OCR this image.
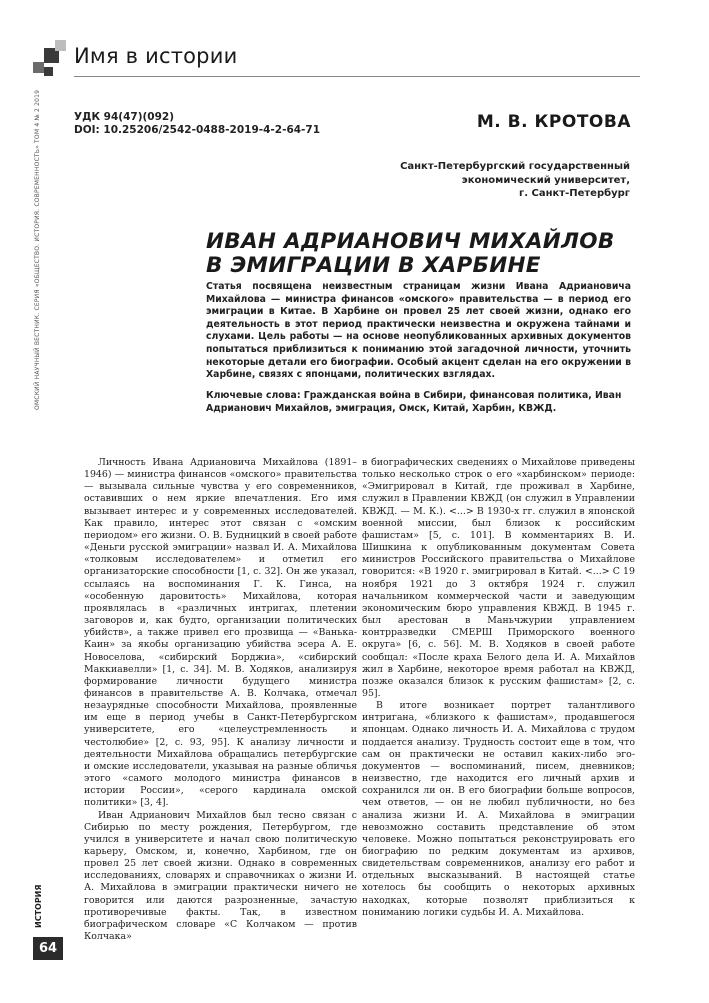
Имя в истории
ОМСКИЙ НАУЧНЫЙ ВЕСТНИК. СЕРИЯ «ОБЩЕСТВО. ИСТОРИЯ. СОВРЕМЕННОСТЬ» ТОМ 4 № 2 2019
ИСТОРИЯ
64
УДК 94(47)(092)
DOI: 10.25206/2542-0488-2019-4-2-64-71	М. В. КРОТОВА
Санкт-Петербургский государственный
экономический университет,
г. Санкт-Петербург
ИВАН АДРИАНОВИЧ МИХАЙЛОВ
В ЭМИГРАЦИИ В ХАРБИНЕ
Статья посвящена неизвестным страницам жизни Ивана Адриановича Михайлова — министра финансов «омского» правительства — в период его эмиграции в Китае. В Харбине он провел 25 лет своей жизни, однако его деятельность в этот период практически неизвестна и окружена тайнами и слухами. Цель работы — на основе неопубликованных архивных документов попытаться приблизиться к пониманию этой загадочной личности, уточнить некоторые детали его биографии. Особый акцент сделан на его окружении в Харбине, связях с японцами, политических взглядах.
Ключевые слова: Гражданская война в Сибири, финансовая политика, Иван Адрианович Михайлов, эмиграция, Омск, Китай, Харбин, КВЖД.

Личность Ивана Адриановича Михайлова (1891–1946) — министра финансов «омского» правительства — вызывала сильные чувства у его современников, оставивших о нем яркие впечатления. Его имя вызывает интерес и у современных исследователей. Как правило, интерес этот связан с «омским периодом» его жизни. О. В. Будницкий в своей работе «Деньги русской эмиграции» назвал И. А. Михайлова «толковым исследователем» и отметил его организаторские способности [1, с. 32]. Он же указал, ссылаясь на воспоминания Г. К. Гинса, на «особенную даровитость» Михайлова, которая проявлялась в «различных интригах, плетении заговоров и, как будто, организации политических убийств», а также привел его прозвища — «Ванька-Каин» за якобы организацию убийства эсера А. Е. Новоселова, «сибирский Борджиа», «сибирский Маккиавелли» [1, с. 34]. М. В. Ходяков, анализируя формирование личности будущего министра финансов в правительстве А. В. Колчака, отмечал незаурядные способности Михайлова, проявленные им еще в период учебы в Санкт-Петербургском университете, его «целеустремленность и честолюбие» [2, с. 93, 95]. К анализу личности и деятельности Михайлова обращались петербургские и омские исследователи, указывая на разные обличья этого «самого молодого министра финансов в истории России», «серого кардинала омской политики» [3, 4].

Иван Адрианович Михайлов был тесно связан с Сибирью по месту рождения, Петербургом, где учился в университете и начал свою политическую карьеру, Омском, и, конечно, Харбином, где он провел 25 лет своей жизни. Однако в современных исследованиях, словарях и справочниках о жизни И. А. Михайлова в эмиграции практически ничего не говорится или даются разрозненные, зачастую противоречивые факты. Так, в известном биографическом словаре «С Колчаком — против Колчака»

в биографических сведениях о Михайлове приведены только несколько строк о его «харбинском» периоде: «Эмигрировал в Китай, где проживал в Харбине, служил в Правлении КВЖД (он служил в Управлении КВЖД. — М. К.). <...> В 1930-х гг. служил в японской военной миссии, был близок к российским фашистам» [5, с. 101]. В комментариях В. И. Шишкина к опубликованным документам Совета министров Российского правительства о Михайлове говорится: «В 1920 г. эмигрировал в Китай. <...> С 19 ноября 1921 до 3 октября 1924 г. служил начальником коммерческой части и заведующим экономическим бюро управления КВЖД. В 1945 г. был арестован в Маньчжурии управлением контрразведки СМЕРШ Приморского военного округа» [6, с. 56]. М. В. Ходяков в своей работе сообщал: «После краха Белого дела И. А. Михайлов жил в Харбине, некоторое время работал на КВЖД, позже оказался близок к русским фашистам» [2, с. 95].

В итоге возникает портрет талантливого интригана, «близкого к фашистам», продавшегося японцам. Однако личность И. А. Михайлова с трудом поддается анализу. Трудность состоит еще в том, что сам он практически не оставил каких-либо эго-документов — воспоминаний, писем, дневников; неизвестно, где находится его личный архив и сохранился ли он. В его биографии больше вопросов, чем ответов, — он не любил публичности, но без анализа жизни И. А. Михайлова в эмиграции невозможно составить представление об этом человеке. Можно попытаться реконструировать его биографию по редким документам из архивов, свидетельствам современников, анализу его работ и отдельных высказываний. В настоящей статье хотелось бы сообщить о некоторых архивных находках, которые позволят приблизиться к пониманию логики судьбы И. А. Михайлова.
